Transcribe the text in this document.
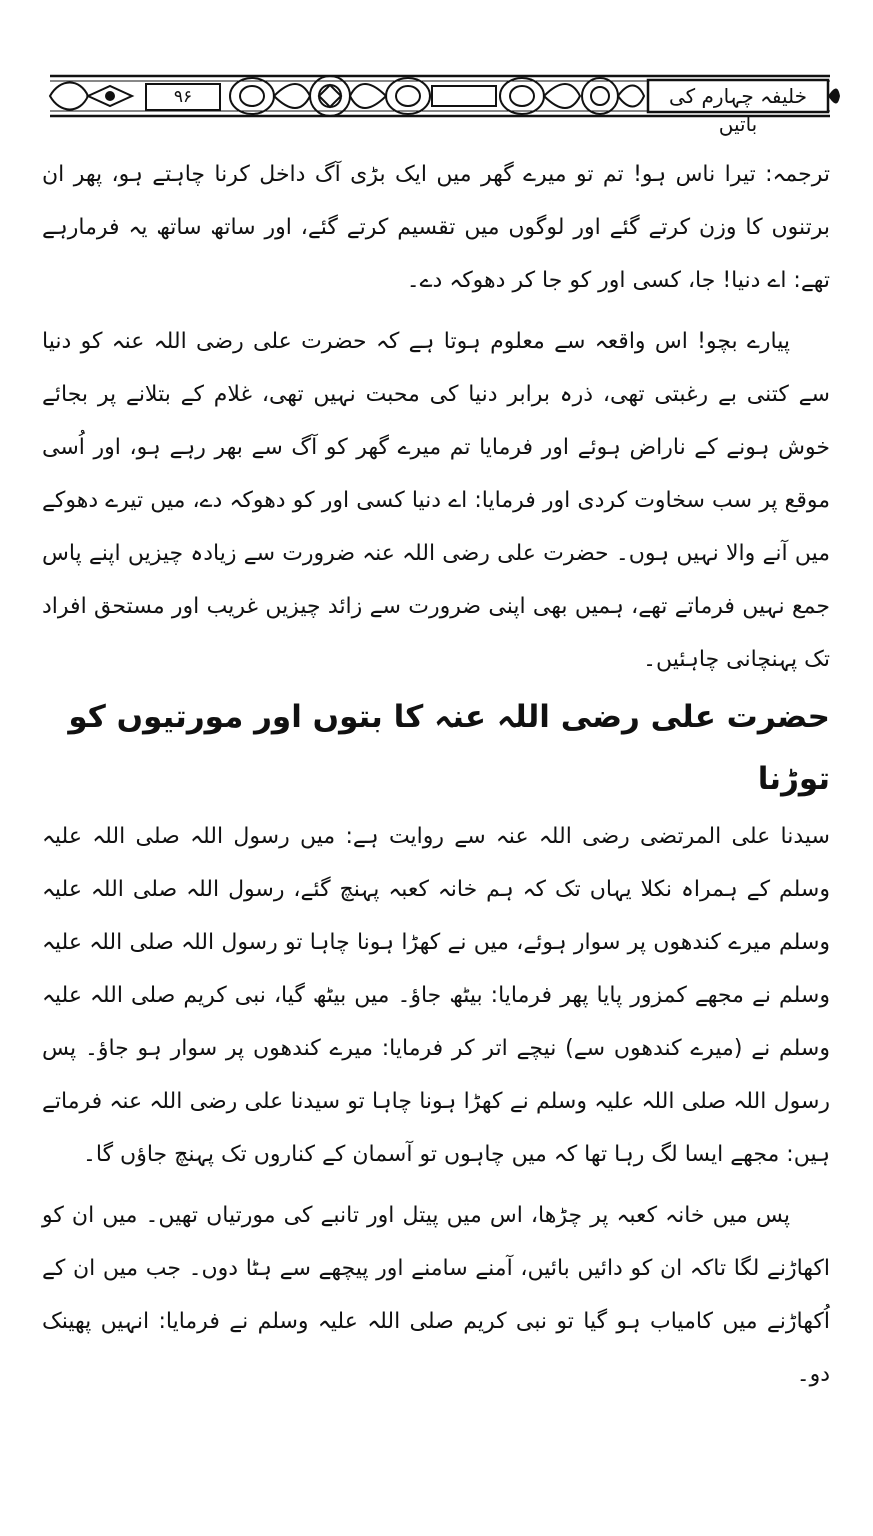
۹۶	خلیفہ چہارم کی باتیں

ترجمہ: تیرا ناس ہو! تم تو میرے گھر میں ایک بڑی آگ داخل کرنا چاہتے ہو، پھر ان برتنوں کا وزن کرتے گئے اور لوگوں میں تقسیم کرتے گئے، اور ساتھ ساتھ یہ فرمارہے تھے: اے دنیا! جا، کسی اور کو جا کر دھوکہ دے۔

پیارے بچو! اس واقعہ سے معلوم ہوتا ہے کہ حضرت علی رضی اللہ عنہ کو دنیا سے کتنی بے رغبتی تھی، ذرہ برابر دنیا کی محبت نہیں تھی، غلام کے بتلانے پر بجائے خوش ہونے کے ناراض ہوئے اور فرمایا تم میرے گھر کو آگ سے بھر رہے ہو، اور اُسی موقع پر سب سخاوت کردی اور فرمایا: اے دنیا کسی اور کو دھوکہ دے، میں تیرے دھوکے میں آنے والا نہیں ہوں۔ حضرت علی رضی اللہ عنہ ضرورت سے زیادہ چیزیں اپنے پاس جمع نہیں فرماتے تھے، ہمیں بھی اپنی ضرورت سے زائد چیزیں غریب اور مستحق افراد تک پہنچانی چاہئیں۔

حضرت علی رضی اللہ عنہ کا بتوں اور مورتیوں کو توڑنا

سیدنا علی المرتضی رضی اللہ عنہ سے روایت ہے: میں رسول اللہ صلی اللہ علیہ وسلم کے ہمراہ نکلا یہاں تک کہ ہم خانہ کعبہ پہنچ گئے، رسول اللہ صلی اللہ علیہ وسلم میرے کندھوں پر سوار ہوئے، میں نے کھڑا ہونا چاہا تو رسول اللہ صلی اللہ علیہ وسلم نے مجھے کمزور پایا پھر فرمایا: بیٹھ جاؤ۔ میں بیٹھ گیا، نبی کریم صلی اللہ علیہ وسلم نے (میرے کندھوں سے) نیچے اتر کر فرمایا: میرے کندھوں پر سوار ہو جاؤ۔ پس رسول اللہ صلی اللہ علیہ وسلم نے کھڑا ہونا چاہا تو سیدنا علی رضی اللہ عنہ فرماتے ہیں: مجھے ایسا لگ رہا تھا کہ میں چاہوں تو آسمان کے کناروں تک پہنچ جاؤں گا۔

پس میں خانہ کعبہ پر چڑھا، اس میں پیتل اور تانبے کی مورتیاں تھیں۔ میں ان کو اکھاڑنے لگا تاکہ ان کو دائیں بائیں، آمنے سامنے اور پیچھے سے ہٹا دوں۔ جب میں ان کے اُکھاڑنے میں کامیاب ہو گیا تو نبی کریم صلی اللہ علیہ وسلم نے فرمایا: انہیں پھینک دو۔
